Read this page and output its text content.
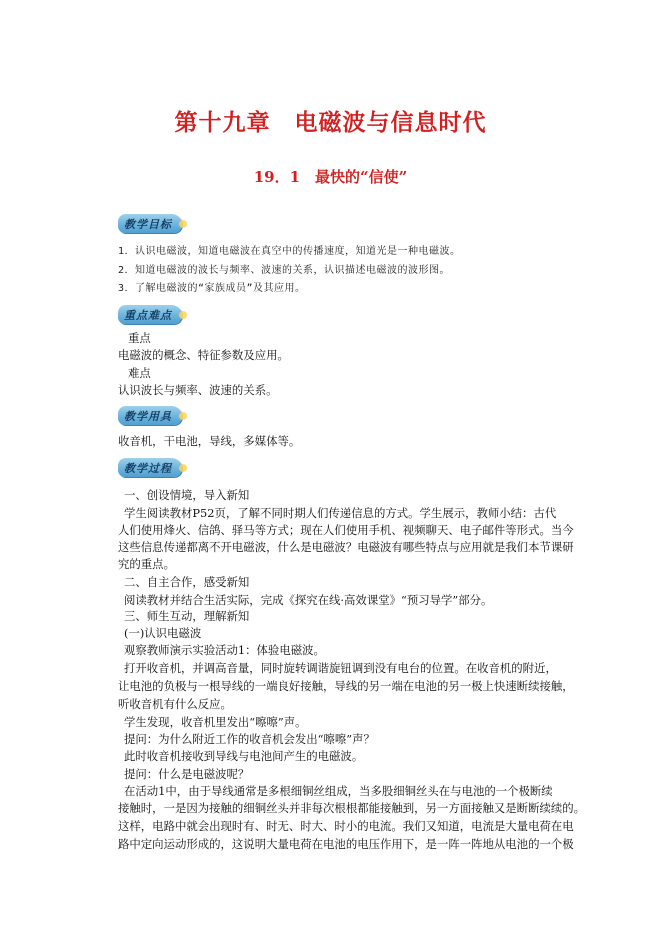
第十九章　电磁波与信息时代
19．1　最快的“信使”
教学目标
1．认识电磁波，知道电磁波在真空中的传播速度，知道光是一种电磁波。
2．知道电磁波的波长与频率、波速的关系，认识描述电磁波的波形图。
3．了解电磁波的“家族成员”及其应用。
重点难点
重点
电磁波的概念、特征参数及应用。
难点
认识波长与频率、波速的关系。
教学用具
收音机，干电池，导线，多媒体等。
教学过程
一、创设情境，导入新知
学生阅读教材P52页，了解不同时期人们传递信息的方式。学生展示，教师小结：古代
人们使用烽火、信鸽、驿马等方式；现在人们使用手机、视频聊天、电子邮件等形式。当今
这些信息传递都离不开电磁波，什么是电磁波？电磁波有哪些特点与应用就是我们本节课研
究的重点。
二、自主合作，感受新知
阅读教材并结合生活实际，完成《探究在线·高效课堂》“预习导学”部分。
三、师生互动，理解新知
(一)认识电磁波
观察教师演示实验活动1：体验电磁波。
打开收音机，并调高音量，同时旋转调谐旋钮调到没有电台的位置。在收音机的附近，
让电池的负极与一根导线的一端良好接触，导线的另一端在电池的另一极上快速断续接触，
听收音机有什么反应。
学生发现，收音机里发出“嚓嚓”声。
提问：为什么附近工作的收音机会发出“嚓嚓”声？
此时收音机接收到导线与电池间产生的电磁波。
提问：什么是电磁波呢？
在活动1中，由于导线通常是多根细铜丝组成，当多股细铜丝头在与电池的一个极断续
接触时，一是因为接触的细铜丝头并非每次根根都能接触到，另一方面接触又是断断续续的。
这样，电路中就会出现时有、时无、时大、时小的电流。我们又知道，电流是大量电荷在电
路中定向运动形成的，这说明大量电荷在电池的电压作用下，是一阵一阵地从电池的一个极
